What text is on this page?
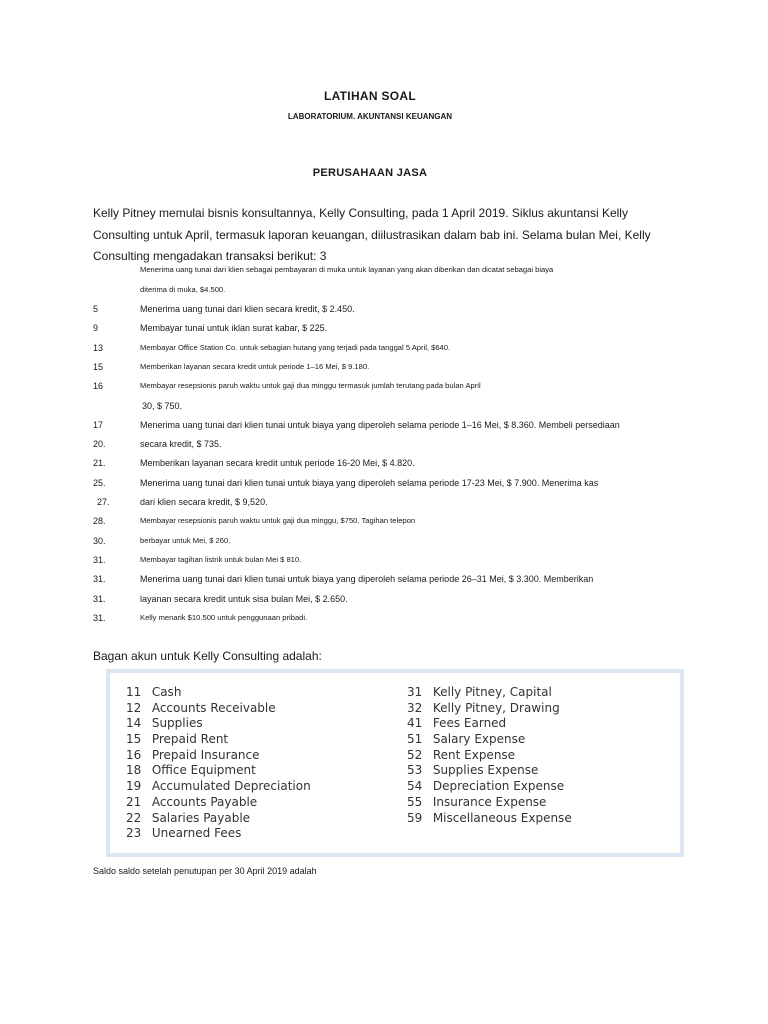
LATIHAN SOAL
LABORATORIUM. AKUNTANSI KEUANGAN
PERUSAHAAN JASA
Kelly Pitney memulai bisnis konsultannya, Kelly Consulting, pada 1 April 2019. Siklus akuntansi Kelly Consulting untuk April, termasuk laporan keuangan, diilustrasikan dalam bab ini. Selama bulan Mei, Kelly Consulting mengadakan transaksi berikut: 3
Menerima uang tunai dari klien sebagai pembayaran di muka untuk layanan yang akan diberikan dan dicatat sebagai biaya
diterima di muka, $4.500.
5	Menerima uang tunai dari klien secara kredit, $ 2.450.
9	Membayar tunai untuk iklan surat kabar, $ 225.
13	Membayar Office Station Co. untuk sebagian hutang yang terjadi pada tanggal 5 April, $640.
15	Memberikan layanan secara kredit untuk periode 1–16 Mei, $ 9.180.
16	Membayar resepsionis paruh waktu untuk gaji dua minggu termasuk jumlah terutang pada bulan April
30, $ 750.
17	Menerima uang tunai dari klien tunai untuk biaya yang diperoleh selama periode 1–16 Mei, $ 8.360. Membeli persediaan
20.	secara kredit, $ 735.
21.	Memberikan layanan secara kredit untuk periode 16-20 Mei, $ 4.820.
25.	Menerima uang tunai dari klien tunai untuk biaya yang diperoleh selama periode 17-23 Mei, $ 7.900. Menerima kas
27.	dari klien secara kredit, $ 9,520.
28.	Membayar resepsionis paruh waktu untuk gaji dua minggu, $750. Tagihan telepon
30.	berbayar untuk Mei, $ 260.
31.	Membayar tagihan listrik untuk bulan Mei $ 810.
31.	Menerima uang tunai dari klien tunai untuk biaya yang diperoleh selama periode 26–31 Mei, $ 3.300. Memberikan
31.	layanan secara kredit untuk sisa bulan Mei, $ 2.650.
31.	Kelly menarik $10.500 untuk penggunaan pribadi.
Bagan akun untuk Kelly Consulting adalah:
11 Cash
12 Accounts Receivable
14 Supplies
15 Prepaid Rent
16 Prepaid Insurance
18 Office Equipment
19 Accumulated Depreciation
21 Accounts Payable
22 Salaries Payable
23 Unearned Fees
31 Kelly Pitney, Capital
32 Kelly Pitney, Drawing
41 Fees Earned
51 Salary Expense
52 Rent Expense
53 Supplies Expense
54 Depreciation Expense
55 Insurance Expense
59 Miscellaneous Expense
Saldo saldo setelah penutupan per 30 April 2019 adalah
